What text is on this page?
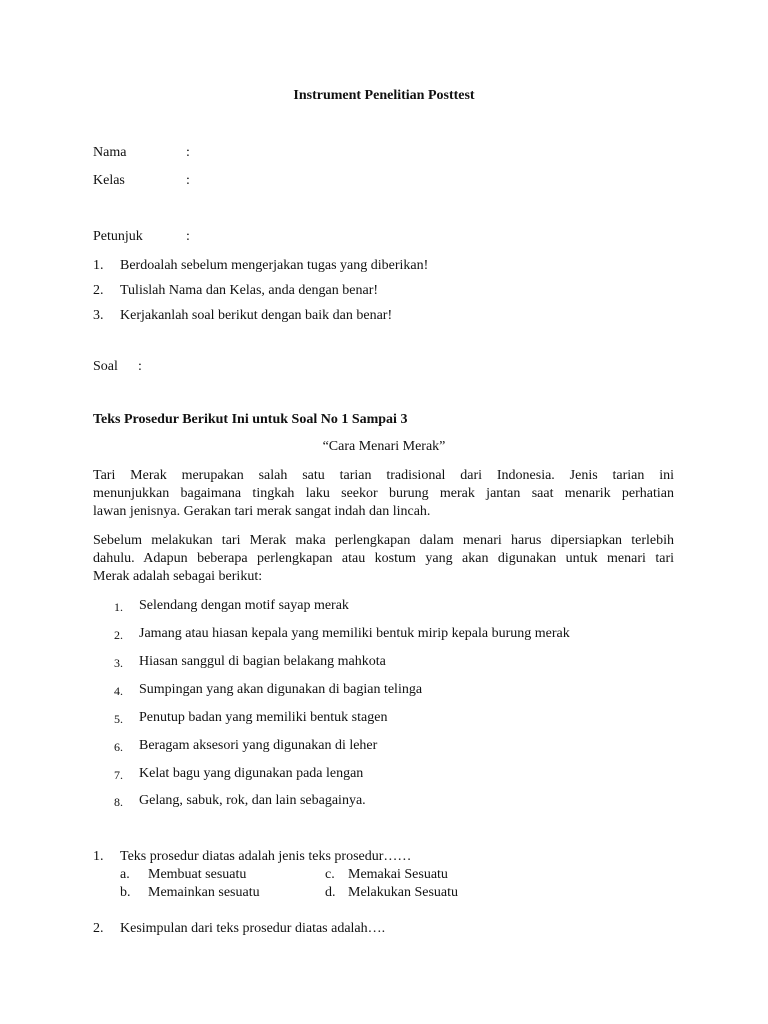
Instrument Penelitian Posttest
Nama	:
Kelas	:
Petunjuk	:
1. Berdoalah sebelum mengerjakan tugas yang diberikan!
2. Tulislah Nama dan Kelas, anda dengan benar!
3. Kerjakanlah soal berikut dengan baik dan benar!
Soal :
Teks Prosedur Berikut Ini untuk Soal No 1 Sampai 3
“Cara Menari Merak”
Tari Merak merupakan salah satu tarian tradisional dari Indonesia. Jenis tarian ini
menunjukkan bagaimana tingkah laku seekor burung merak jantan saat menarik perhatian
lawan jenisnya. Gerakan tari merak sangat indah dan lincah.
Sebelum melakukan tari Merak maka perlengkapan dalam menari harus dipersiapkan terlebih
dahulu. Adapun beberapa perlengkapan atau kostum yang akan digunakan untuk menari tari
Merak adalah sebagai berikut:
1. Selendang dengan motif sayap merak
2. Jamang atau hiasan kepala yang memiliki bentuk mirip kepala burung merak
3. Hiasan sanggul di bagian belakang mahkota
4. Sumpingan yang akan digunakan di bagian telinga
5. Penutup badan yang memiliki bentuk stagen
6. Beragam aksesori yang digunakan di leher
7. Kelat bagu yang digunakan pada lengan
8. Gelang, sabuk, rok, dan lain sebagainya.
1. Teks prosedur diatas adalah jenis teks prosedur……
a. Membuat sesuatu	c. Memakai Sesuatu
b. Memainkan sesuatu	d. Melakukan Sesuatu
2. Kesimpulan dari teks prosedur diatas adalah….
